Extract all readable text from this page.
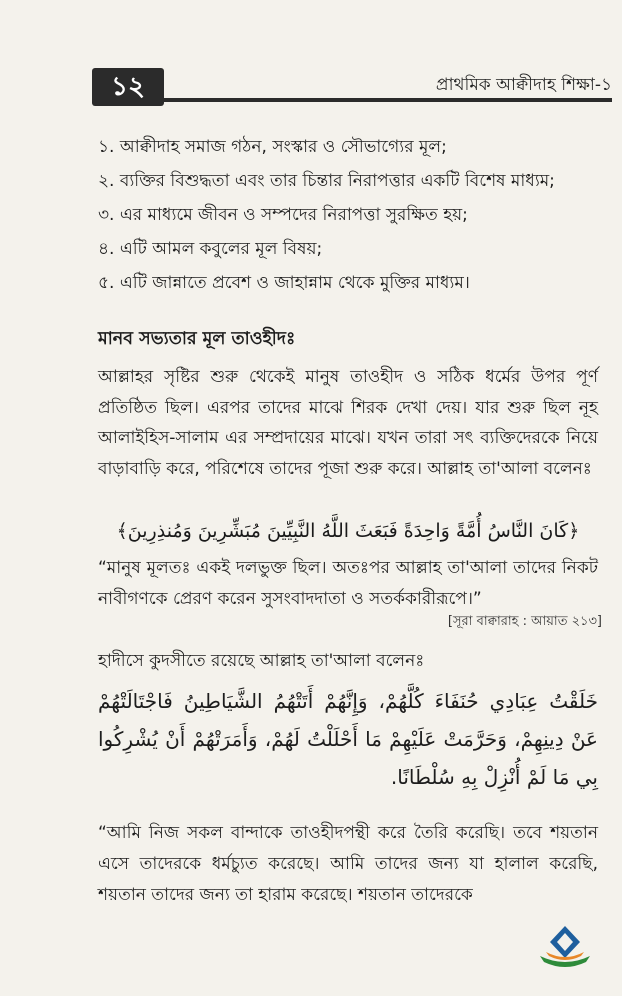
১২	প্রাথমিক আক্বীদাহ শিক্ষা-১
১. আক্বীদাহ সমাজ গঠন, সংস্কার ও সৌভাগ্যের মূল;
২. ব্যক্তির বিশুদ্ধতা এবং তার চিন্তার নিরাপত্তার একটি বিশেষ মাধ্যম;
৩. এর মাধ্যমে জীবন ও সম্পদের নিরাপত্তা সুরক্ষিত হয়;
৪. এটি আমল কবুলের মূল বিষয়;
৫. এটি জান্নাতে প্রবেশ ও জাহান্নাম থেকে মুক্তির মাধ্যম।
মানব সভ্যতার মূল তাওহীদঃ

আল্লাহর সৃষ্টির শুরু থেকেই মানুষ তাওহীদ ও সঠিক ধর্মের উপর পূর্ণ প্রতিষ্ঠিত ছিল। এরপর তাদের মাঝে শিরক দেখা দেয়। যার শুরু ছিল নূহ আলাইহিস-সালাম এর সম্প্রদায়ের মাঝে। যখন তারা সৎ ব্যক্তিদেরকে নিয়ে বাড়াবাড়ি করে, পরিশেষে তাদের পূজা শুরু করে। আল্লাহ তা'আলা বলেনঃ

﴿كَانَ النَّاسُ أُمَّةً وَاحِدَةً فَبَعَثَ اللَّهُ النَّبِيِّينَ مُبَشِّرِينَ وَمُنذِرِينَ﴾

“মানুষ মূলতঃ একই দলভুক্ত ছিল। অতঃপর আল্লাহ তা'আলা তাদের নিকট নাবীগণকে প্রেরণ করেন সুসংবাদদাতা ও সতর্ককারীরূপে।”

[সূরা বাক্বারাহ : আয়াত ২১৩]

হাদীসে কুদসীতে রয়েছে আল্লাহ তা'আলা বলেনঃ

خَلَقْتُ عِبَادِي حُنَفَاءَ كُلَّهُمْ، وَإِنَّهُمْ أَتَتْهُمُ الشَّيَاطِينُ فَاجْتَالَتْهُمْ عَنْ دِينِهِمْ، وَحَرَّمَتْ عَلَيْهِمْ مَا أَحْلَلْتُ لَهُمْ، وَأَمَرَتْهُمْ أَنْ يُشْرِكُوا بِي مَا لَمْ أُنْزِلْ بِهِ سُلْطَانًا.

“আমি নিজ সকল বান্দাকে তাওহীদপন্থী করে তৈরি করেছি। তবে শয়তান এসে তাদেরকে ধর্মচ্যুত করেছে। আমি তাদের জন্য যা হালাল করেছি, শয়তান তাদের জন্য তা হারাম করেছে। শয়তান তাদেরকে
